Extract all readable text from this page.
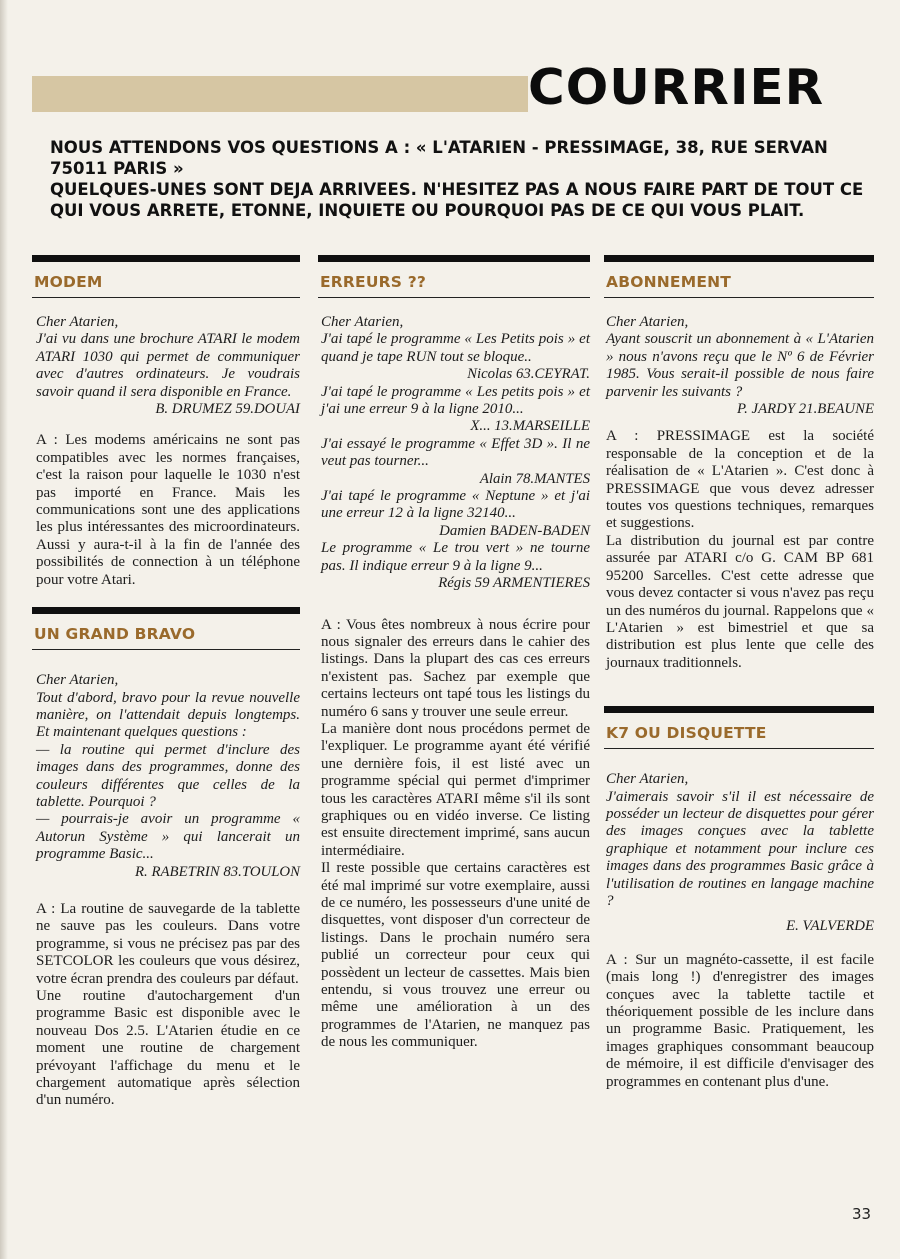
COURRIER

NOUS ATTENDONS VOS QUESTIONS A : « L'ATARIEN - PRESSIMAGE, 38, RUE SERVAN 75011 PARIS »

QUELQUES-UNES SONT DEJA ARRIVEES. N'HESITEZ PAS A NOUS FAIRE PART DE TOUT CE QUI VOUS ARRETE, ETONNE, INQUIETE OU POURQUOI PAS DE CE QUI VOUS PLAIT.

MODEM

Cher Atarien,
J'ai vu dans une brochure ATARI le modem ATARI 1030 qui permet de communiquer avec d'autres ordinateurs. Je voudrais savoir quand il sera disponible en France.

B. DRUMEZ 59.DOUAI

A : Les modems américains ne sont pas compatibles avec les normes françaises, c'est la raison pour laquelle le 1030 n'est pas importé en France. Mais les communications sont une des applications les plus intéressantes des microordinateurs. Aussi y aura-t-il à la fin de l'année des possibilités de connection à un téléphone pour votre Atari.

UN GRAND BRAVO

Cher Atarien,
Tout d'abord, bravo pour la revue nouvelle manière, on l'attendait depuis longtemps. Et maintenant quelques questions :
— la routine qui permet d'inclure des images dans des programmes, donne des couleurs différentes que celles de la tablette. Pourquoi ?
— pourrais-je avoir un programme « Autorun Système » qui lancerait un programme Basic...

R. RABETRIN 83.TOULON

A : La routine de sauvegarde de la tablette ne sauve pas les couleurs. Dans votre programme, si vous ne précisez pas par des SETCOLOR les couleurs que vous désirez, votre écran prendra des couleurs par défaut.
Une routine d'autochargement d'un programme Basic est disponible avec le nouveau Dos 2.5. L'Atarien étudie en ce moment une routine de chargement prévoyant l'affichage du menu et le chargement automatique après sélection d'un numéro.

ERREURS ??

Cher Atarien,
J'ai tapé le programme « Les Petits pois » et quand je tape RUN tout se bloque..

Nicolas 63.CEYRAT.

J'ai tapé le programme « Les petits pois » et j'ai une erreur 9 à la ligne 2010...

X... 13.MARSEILLE

J'ai essayé le programme « Effet 3D ». Il ne veut pas tourner...

Alain 78.MANTES

J'ai tapé le programme « Neptune » et j'ai une erreur 12 à la ligne 32140...

Damien BADEN-BADEN

Le programme « Le trou vert » ne tourne pas. Il indique erreur 9 à la ligne 9...

Régis 59 ARMENTIERES

A : Vous êtes nombreux à nous écrire pour nous signaler des erreurs dans le cahier des listings. Dans la plupart des cas ces erreurs n'existent pas. Sachez par exemple que certains lecteurs ont tapé tous les listings du numéro 6 sans y trouver une seule erreur.
La manière dont nous procédons permet de l'expliquer. Le programme ayant été vérifié une dernière fois, il est listé avec un programme spécial qui permet d'imprimer tous les caractères ATARI même s'il ils sont graphiques ou en vidéo inverse. Ce listing est ensuite directement imprimé, sans aucun intermédiaire.
Il reste possible que certains caractères est été mal imprimé sur votre exemplaire, aussi de ce numéro, les possesseurs d'une unité de disquettes, vont disposer d'un correcteur de listings. Dans le prochain numéro sera publié un correcteur pour ceux qui possèdent un lecteur de cassettes. Mais bien entendu, si vous trouvez une erreur ou même une amélioration à un des programmes de l'Atarien, ne manquez pas de nous les communiquer.

ABONNEMENT

Cher Atarien,
Ayant souscrit un abonnement à « L'Atarien » nous n'avons reçu que le Nº 6 de Février 1985. Vous serait-il possible de nous faire parvenir les suivants ?

P. JARDY 21.BEAUNE

A : PRESSIMAGE est la société responsable de la conception et de la réalisation de « L'Atarien ». C'est donc à PRESSIMAGE que vous devez adresser toutes vos questions techniques, remarques et suggestions.
La distribution du journal est par contre assurée par ATARI c/o G. CAM BP 681 95200 Sarcelles. C'est cette adresse que vous devez contacter si vous n'avez pas reçu un des numéros du journal. Rappelons que « L'Atarien » est bimestriel et que sa distribution est plus lente que celle des journaux traditionnels.

K7 OU DISQUETTE

Cher Atarien,
J'aimerais savoir s'il il est nécessaire de posséder un lecteur de disquettes pour gérer des images conçues avec la tablette graphique et notamment pour inclure ces images dans des programmes Basic grâce à l'utilisation de routines en langage machine ?

E. VALVERDE

A : Sur un magnéto-cassette, il est facile (mais long !) d'enregistrer des images conçues avec la tablette tactile et théoriquement possible de les inclure dans un programme Basic. Pratiquement, les images graphiques consommant beaucoup de mémoire, il est difficile d'envisager des programmes en contenant plus d'une.

33
